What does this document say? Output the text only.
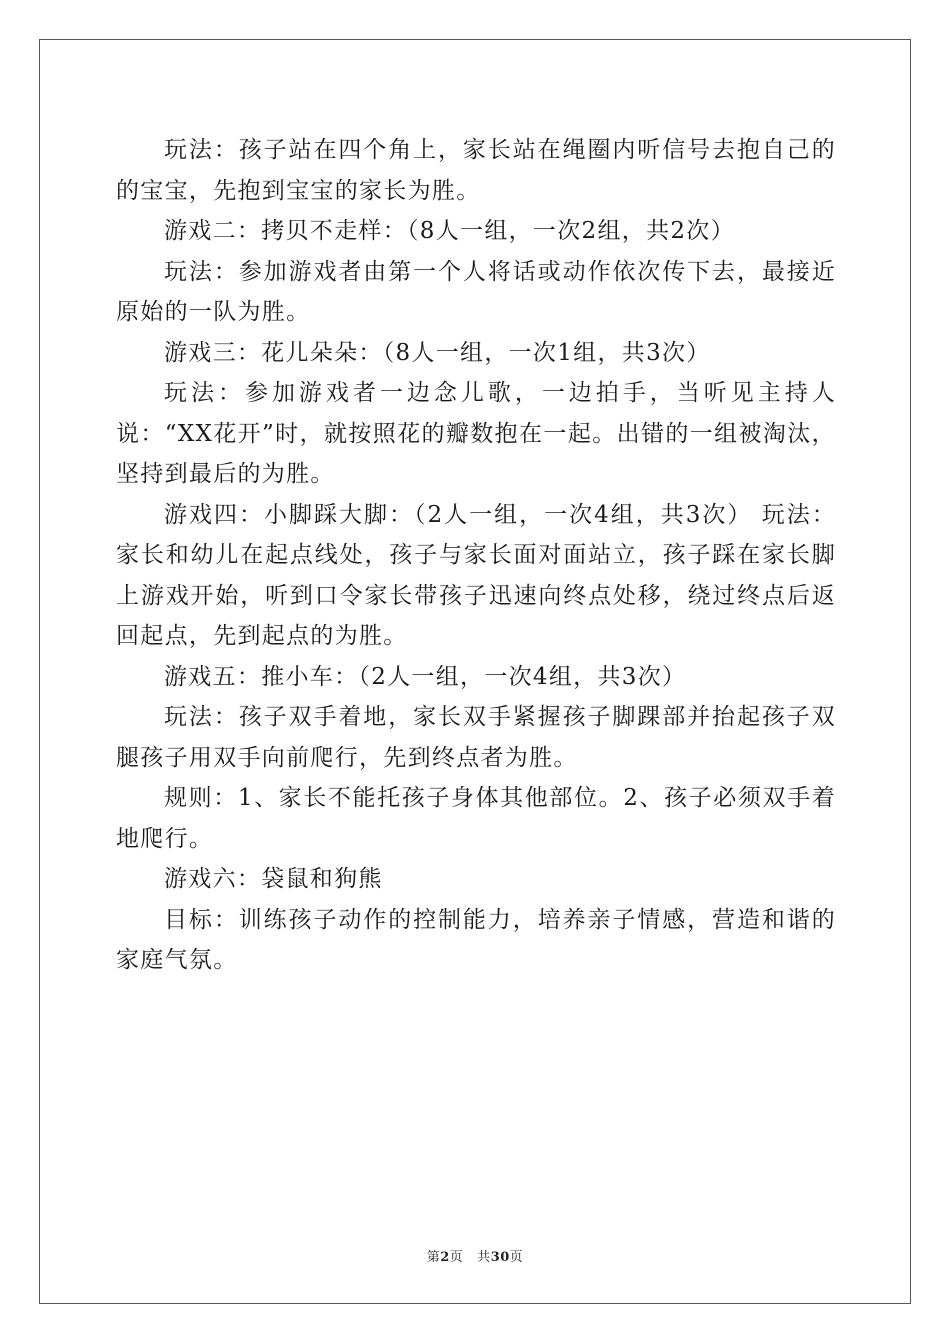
玩法：孩子站在四个角上，家长站在绳圈内听信号去抱自己的的宝宝，先抱到宝宝的家长为胜。

游戏二：拷贝不走样：（8人一组，一次2组，共2次）

玩法：参加游戏者由第一个人将话或动作依次传下去，最接近原始的一队为胜。

游戏三：花儿朵朵：（8人一组，一次1组，共3次）

玩法：参加游戏者一边念儿歌，一边拍手，当听见主持人说：“XX花开”时，就按照花的瓣数抱在一起。出错的一组被淘汰，坚持到最后的为胜。

游戏四：小脚踩大脚：（2人一组，一次4组，共3次） 玩法：家长和幼儿在起点线处，孩子与家长面对面站立，孩子踩在家长脚上游戏开始，听到口令家长带孩子迅速向终点处移，绕过终点后返回起点，先到起点的为胜。

游戏五：推小车：（2人一组，一次4组，共3次）

玩法：孩子双手着地，家长双手紧握孩子脚踝部并抬起孩子双腿孩子用双手向前爬行，先到终点者为胜。

规则：1、家长不能托孩子身体其他部位。2、孩子必须双手着地爬行。

游戏六：袋鼠和狗熊

目标：训练孩子动作的控制能力，培养亲子情感，营造和谐的家庭气氛。

第2页 共30页
